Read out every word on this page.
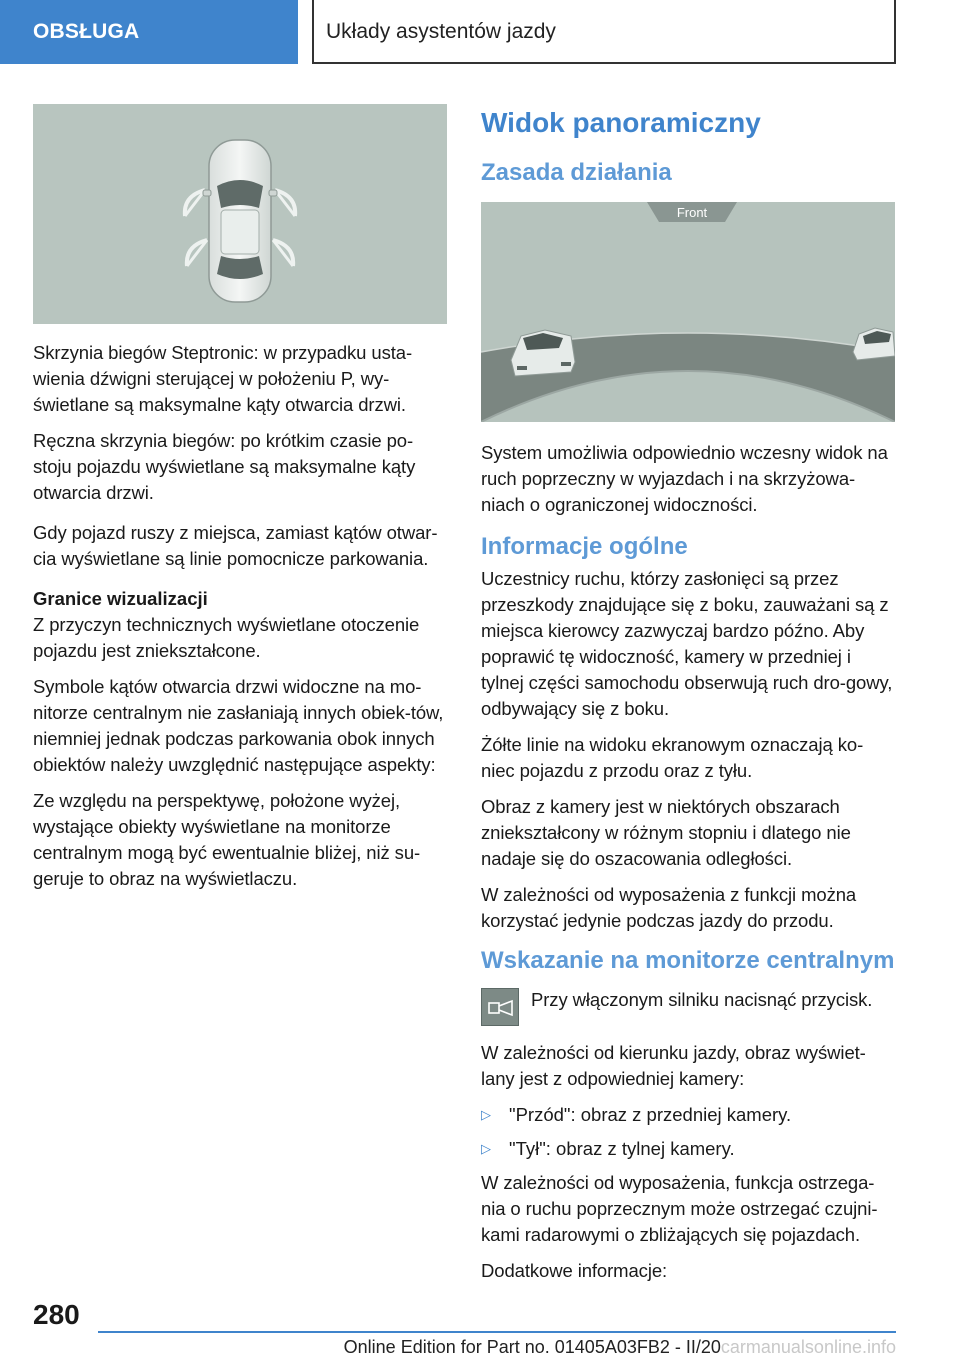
OBSŁUGA	Układy asystentów jazdy

Skrzynia biegów Steptronic: w przypadku usta‐wienia dźwigni sterującej w położeniu P, wy‐świetlane są maksymalne kąty otwarcia drzwi.

Ręczna skrzynia biegów: po krótkim czasie po‐stoju pojazdu wyświetlane są maksymalne kąty otwarcia drzwi.

Gdy pojazd ruszy z miejsca, zamiast kątów otwar‐cia wyświetlane są linie pomocnicze parkowania.

Granice wizualizacji

Z przyczyn technicznych wyświetlane otoczenie pojazdu jest zniekształcone.

Symbole kątów otwarcia drzwi widoczne na mo‐nitorze centralnym nie zasłaniają innych obiek‐tów, niemniej jednak podczas parkowania obok innych obiektów należy uwzględnić następujące aspekty:

Ze względu na perspektywę, położone wyżej, wystające obiekty wyświetlane na monitorze centralnym mogą być ewentualnie bliżej, niż su‐geruje to obraz na wyświetlaczu.

Widok panoramiczny
Zasada działania
Front

System umożliwia odpowiednio wczesny widok na ruch poprzeczny w wyjazdach i na skrzyżowa‐niach o ograniczonej widoczności.

Informacje ogólne

Uczestnicy ruchu, którzy zasłonięci są przez przeszkody znajdujące się z boku, zauważani są z miejsca kierowcy zazwyczaj bardzo późno. Aby poprawić tę widoczność, kamery w przedniej i tylnej części samochodu obserwują ruch dro‐gowy, odbywający się z boku.

Żółte linie na widoku ekranowym oznaczają ko‐niec pojazdu z przodu oraz z tyłu.

Obraz z kamery jest w niektórych obszarach zniekształcony w różnym stopniu i dlatego nie nadaje się do oszacowania odległości.

W zależności od wyposażenia z funkcji można korzystać jedynie podczas jazdy do przodu.

Wskazanie na monitorze centralnym

Przy włączonym silniku nacisnąć przycisk.

W zależności od kierunku jazdy, obraz wyświet‐lany jest z odpowiedniej kamery:

▷ "Przód": obraz z przedniej kamery.
▷ "Tył": obraz z tylnej kamery.

W zależności od wyposażenia, funkcja ostrzega‐nia o ruchu poprzecznym może ostrzegać czujni‐kami radarowymi o zbliżających się pojazdach.

Dodatkowe informacje:

280
Online Edition for Part no. 01405A03FB2 - II/20carmanualsonline.info
